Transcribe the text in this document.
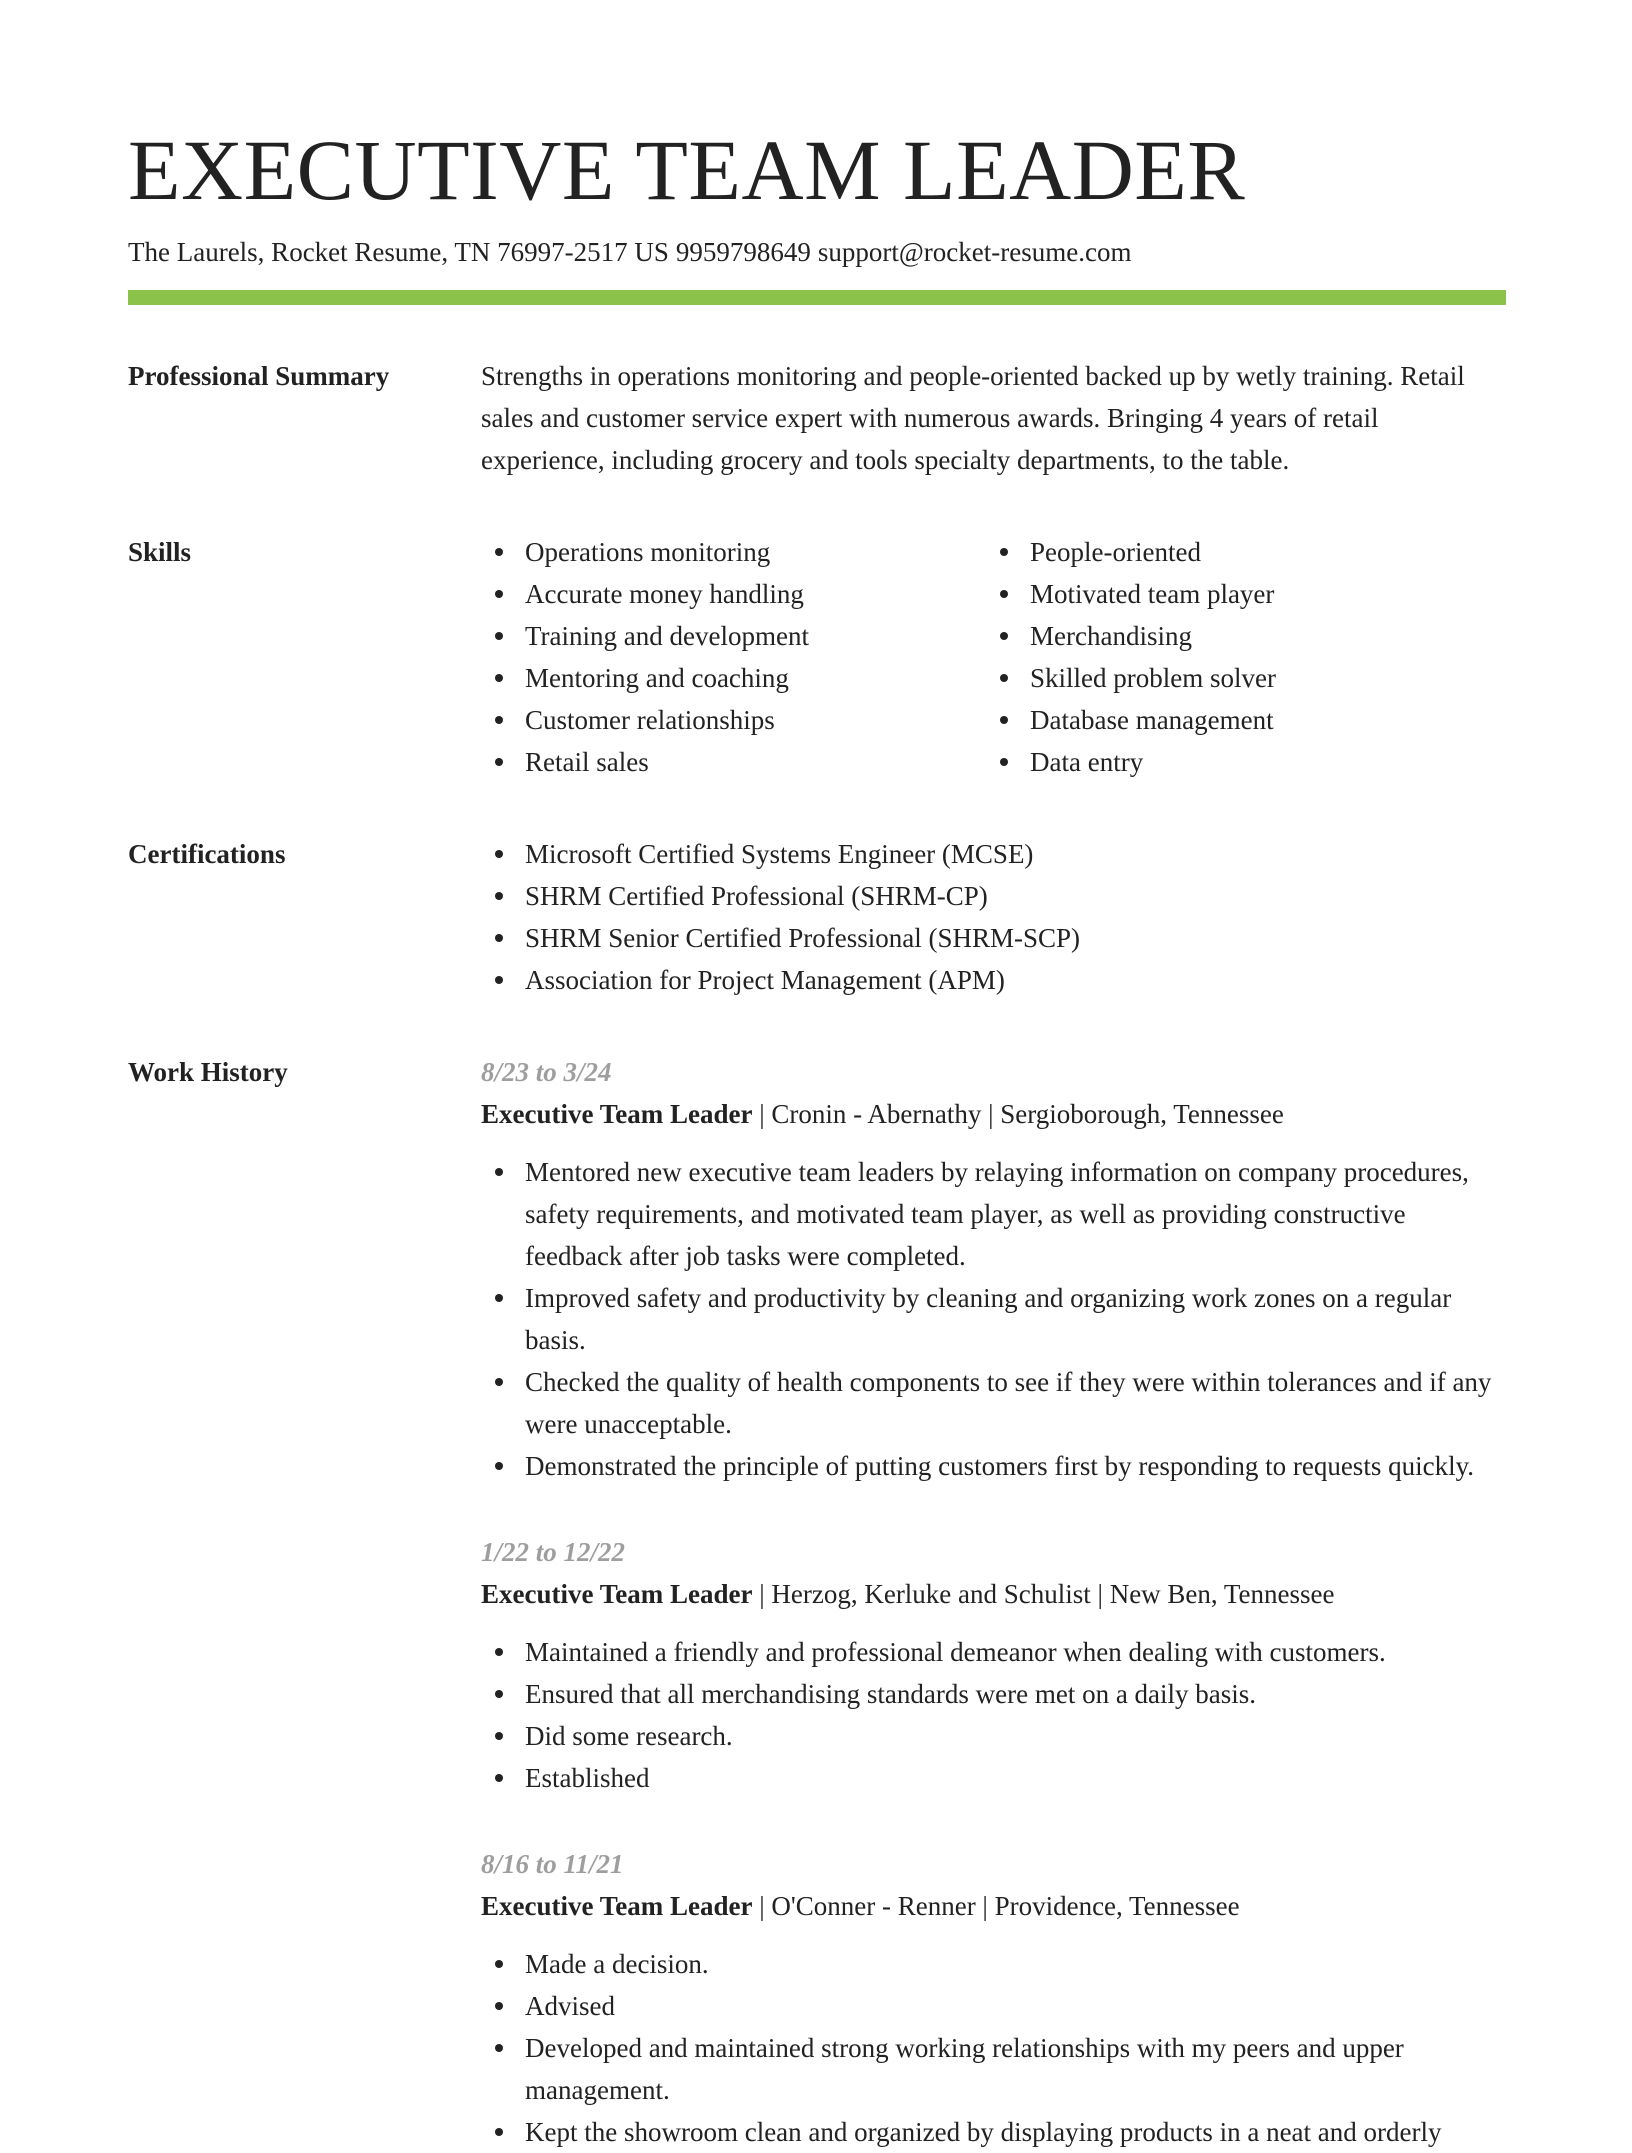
EXECUTIVE TEAM LEADER
The Laurels, Rocket Resume, TN 76997-2517 US 9959798649 support@rocket-resume.com
Professional Summary	Strengths in operations monitoring and people-oriented backed up by wetly training. Retail sales and customer service expert with numerous awards. Bringing 4 years of retail experience, including grocery and tools specialty departments, to the table.

Skills	Operations monitoring
Accurate money handling
Training and development
Mentoring and coaching
Customer relationships
Retail sales
People-oriented
Motivated team player
Merchandising
Skilled problem solver
Database management
Data entry
Certifications	Microsoft Certified Systems Engineer (MCSE)
SHRM Certified Professional (SHRM-CP)
SHRM Senior Certified Professional (SHRM-SCP)
Association for Project Management (APM)
Work History	8/23 to 3/24
Executive Team Leader | Cronin - Abernathy | Sergioborough, Tennessee
Mentored new executive team leaders by relaying information on company procedures, safety requirements, and motivated team player, as well as providing constructive feedback after job tasks were completed.
Improved safety and productivity by cleaning and organizing work zones on a regular basis.
Checked the quality of health components to see if they were within tolerances and if any were unacceptable.
Demonstrated the principle of putting customers first by responding to requests quickly.
1/22 to 12/22
Executive Team Leader | Herzog, Kerluke and Schulist | New Ben, Tennessee
Maintained a friendly and professional demeanor when dealing with customers.
Ensured that all merchandising standards were met on a daily basis.
Did some research.
Established
8/16 to 11/21
Executive Team Leader | O'Conner - Renner | Providence, Tennessee
Made a decision.
Advised
Developed and maintained strong working relationships with my peers and upper management.
Kept the showroom clean and organized by displaying products in a neat and orderly
